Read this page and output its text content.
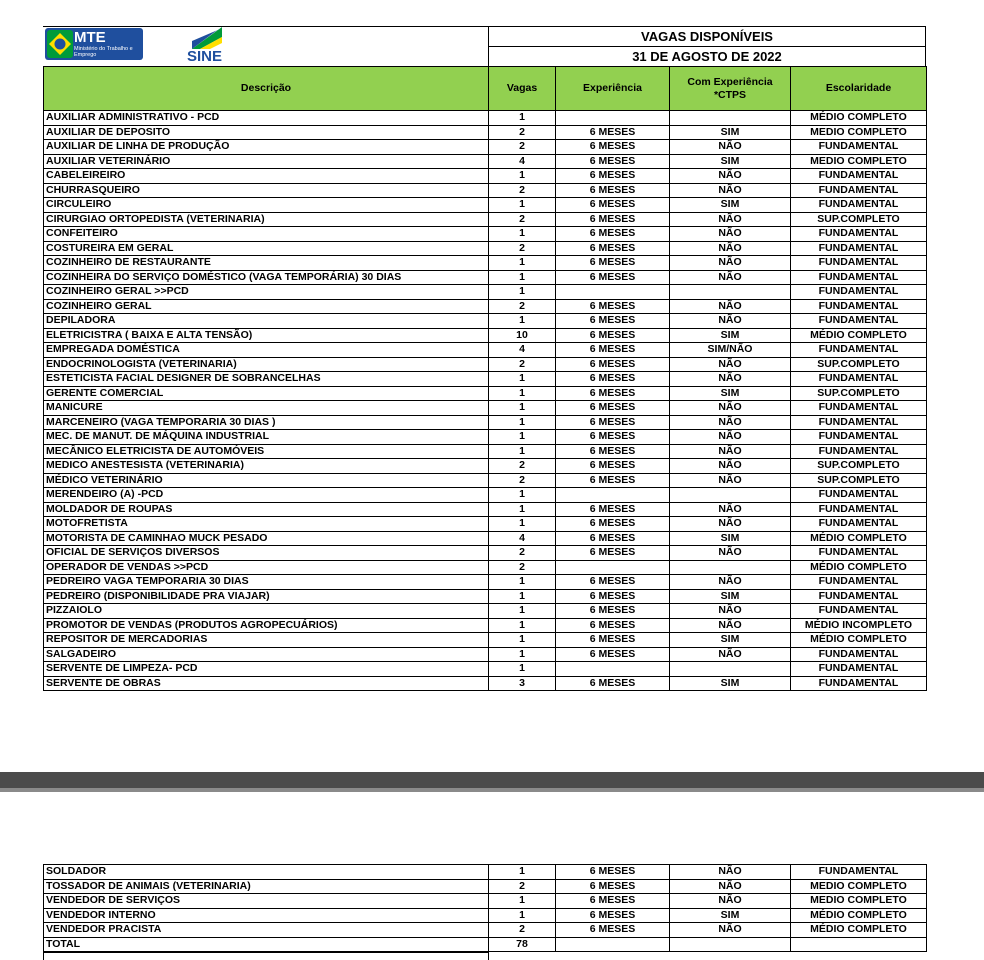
MTE
Ministério do Trabalho e Emprego	SINE
VAGAS DISPONÍVEIS
31 DE AGOSTO DE 2022
Descrição	Vagas	Experiência	Com Experiência *CTPS	Escolaridade
AUXILIAR ADMINISTRATIVO - PCD	1			MÉDIO COMPLETO
AUXILIAR DE DEPOSITO	2	6 MESES	SIM	MEDIO COMPLETO
AUXILIAR DE LINHA DE PRODUÇÃO	2	6 MESES	NÃO	FUNDAMENTAL
AUXILIAR VETERINÁRIO	4	6 MESES	SIM	MEDIO COMPLETO
CABELEIREIRO	1	6 MESES	NÃO	FUNDAMENTAL
CHURRASQUEIRO	2	6 MESES	NÃO	FUNDAMENTAL
CIRCULEIRO	1	6 MESES	SIM	FUNDAMENTAL
CIRURGIAO ORTOPEDISTA (VETERINARIA)	2	6 MESES	NÃO	SUP.COMPLETO
CONFEITEIRO	1	6 MESES	NÃO	FUNDAMENTAL
COSTUREIRA EM GERAL	2	6 MESES	NÃO	FUNDAMENTAL
COZINHEIRO DE RESTAURANTE	1	6 MESES	NÃO	FUNDAMENTAL
COZINHEIRA DO SERVIÇO DOMÉSTICO (VAGA TEMPORÁRIA) 30 DIAS	1	6 MESES	NÃO	FUNDAMENTAL
COZINHEIRO GERAL >>PCD	1			FUNDAMENTAL
COZINHEIRO GERAL	2	6 MESES	NÃO	FUNDAMENTAL
DEPILADORA	1	6 MESES	NÃO	FUNDAMENTAL
ELETRICISTRA ( BAIXA E ALTA TENSÃO)	10	6 MESES	SIM	MÉDIO COMPLETO
EMPREGADA DOMÉSTICA	4	6 MESES	SIM/NÃO	FUNDAMENTAL
ENDOCRINOLOGISTA (VETERINARIA)	2	6 MESES	NÃO	SUP.COMPLETO
ESTETICISTA FACIAL DESIGNER DE SOBRANCELHAS	1	6 MESES	NÃO	FUNDAMENTAL
GERENTE COMERCIAL	1	6 MESES	SIM	SUP.COMPLETO
MANICURE	1	6 MESES	NÃO	FUNDAMENTAL
MARCENEIRO (VAGA TEMPORARIA 30 DIAS )	1	6 MESES	NÃO	FUNDAMENTAL
MEC. DE MANUT. DE MÁQUINA INDUSTRIAL	1	6 MESES	NÃO	FUNDAMENTAL
MECÂNICO ELETRICISTA DE AUTOMÓVEIS	1	6 MESES	NÃO	FUNDAMENTAL
MEDICO ANESTESISTA (VETERINARIA)	2	6 MESES	NÃO	SUP.COMPLETO
MÉDICO VETERINÁRIO	2	6 MESES	NÃO	SUP.COMPLETO
MERENDEIRO (A) -PCD	1			FUNDAMENTAL
MOLDADOR DE ROUPAS	1	6 MESES	NÃO	FUNDAMENTAL
MOTOFRETISTA	1	6 MESES	NÃO	FUNDAMENTAL
MOTORISTA DE CAMINHAO MUCK PESADO	4	6 MESES	SIM	MÉDIO COMPLETO
OFICIAL DE SERVIÇOS DIVERSOS	2	6 MESES	NÃO	FUNDAMENTAL
OPERADOR DE VENDAS >>PCD	2			MÉDIO COMPLETO
PEDREIRO VAGA TEMPORARIA 30 DIAS	1	6 MESES	NÃO	FUNDAMENTAL
PEDREIRO (DISPONIBILIDADE PRA VIAJAR)	1	6 MESES	SIM	FUNDAMENTAL
PIZZAIOLO	1	6 MESES	NÃO	FUNDAMENTAL
PROMOTOR DE VENDAS (PRODUTOS AGROPECUÁRIOS)	1	6 MESES	NÃO	MÉDIO INCOMPLETO
REPOSITOR DE MERCADORIAS	1	6 MESES	SIM	MÉDIO COMPLETO
SALGADEIRO	1	6 MESES	NÃO	FUNDAMENTAL
SERVENTE DE LIMPEZA- PCD	1			FUNDAMENTAL
SERVENTE DE OBRAS	3	6 MESES	SIM	FUNDAMENTAL
SOLDADOR	1	6 MESES	NÃO	FUNDAMENTAL
TOSSADOR DE ANIMAIS (VETERINARIA)	2	6 MESES	NÃO	MEDIO COMPLETO
VENDEDOR DE SERVIÇOS	1	6 MESES	NÃO	MEDIO COMPLETO
VENDEDOR INTERNO	1	6 MESES	SIM	MÉDIO COMPLETO
VENDEDOR PRACISTA	2	6 MESES	NÃO	MÉDIO COMPLETO
TOTAL	78			
